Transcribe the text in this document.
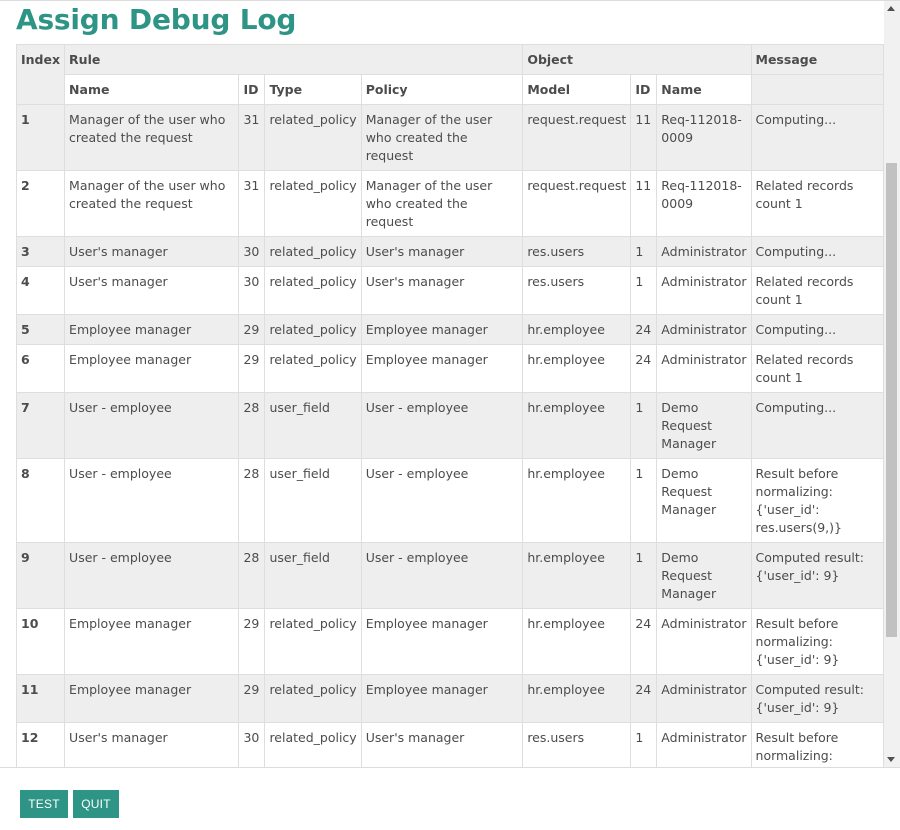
Assign Debug Log
Index	Rule				Object			Message
	Name	ID	Type	Policy	Model	ID	Name	
1	Manager of the user who created the request	31	related_policy	Manager of the user who created the request	request.request	11	Req-112018-0009	Computing...
2	Manager of the user who created the request	31	related_policy	Manager of the user who created the request	request.request	11	Req-112018-0009	Related records count 1
3	User's manager	30	related_policy	User's manager	res.users	1	Administrator	Computing...
4	User's manager	30	related_policy	User's manager	res.users	1	Administrator	Related records count 1
5	Employee manager	29	related_policy	Employee manager	hr.employee	24	Administrator	Computing...
6	Employee manager	29	related_policy	Employee manager	hr.employee	24	Administrator	Related records count 1
7	User - employee	28	user_field	User - employee	hr.employee	1	Demo Request Manager	Computing...
8	User - employee	28	user_field	User - employee	hr.employee	1	Demo Request Manager	Result before normalizing: {'user_id': res.users(9,)}
9	User - employee	28	user_field	User - employee	hr.employee	1	Demo Request Manager	Computed result: {'user_id': 9}
10	Employee manager	29	related_policy	Employee manager	hr.employee	24	Administrator	Result before normalizing: {'user_id': 9}
11	Employee manager	29	related_policy	Employee manager	hr.employee	24	Administrator	Computed result: {'user_id': 9}
12	User's manager	30	related_policy	User's manager	res.users	1	Administrator	Result before normalizing:

TEST	QUIT
